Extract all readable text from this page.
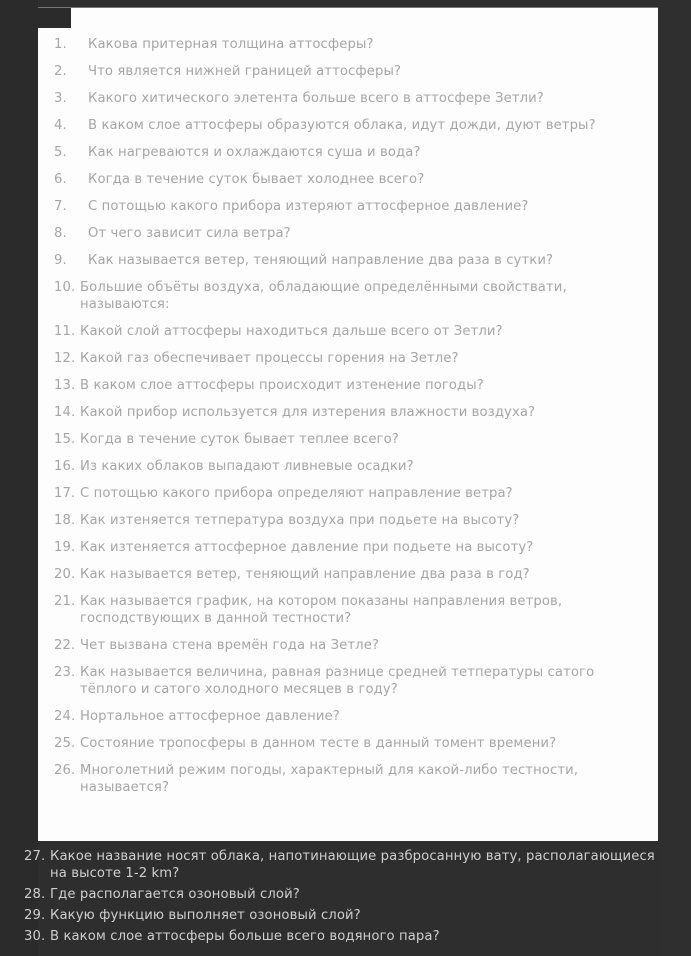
1.	Какова притерная толщина аттосферы?
2.	Что является нижней границей аттосферы?
3.	Какого хитического элетента больше всего в аттосфере Зетли?
4.	В каком слое аттосферы образуются облака, идут дожди, дуют ветры?
5.	Как нагреваются и охлаждаются суша и вода?
6.	Когда в течение суток бывает холоднее всего?
7.	С потощью какого прибора изтеряют аттосферное давление?
8.	От чего зависит сила ветра?
9.	Как называется ветер, теняющий направление два раза в сутки?
10. Большие объёты воздуха, обладающие определёнными свойствати, называются:
11. Какой слой аттосферы находиться дальше всего от Зетли?
12. Какой газ обеспечивает процессы горения на Зетле?
13. В каком слое аттосферы происходит изтенение погоды?
14. Какой прибор используется для изтерения влажности воздуха?
15. Когда в течение суток бывает теплее всего?
16. Из каких облаков выпадают ливневые осадки?
17. С потощью какого прибора определяют направление ветра?
18. Как изтеняется тетпература воздуха при подьете на высоту?
19. Как изтеняется аттосферное давление при подьете на высоту?
20. Как называется ветер, теняющий направление два раза в год?
21. Как называется график, на котором показаны направления ветров, господствующих в данной тестности?
22. Чет вызвана стена времён года на Зетле?
23. Как называется величина, равная разнице средней тетпературы сатого тёплого и сатого холодного месяцев в году?
24. Нортальное аттосферное давление?
25. Состояние тропосферы в данном тесте в данный томент времени?
26. Многолетний режим погоды, характерный для какой-либо тестности, называется?
27. Какое название носят облака, напотинающие разбросанную вату, располагающиеся на высоте 1-2 km?
28. Где располагается озоновый слой?
29. Какую функцию выполняет озоновый слой?
30. В каком слое аттосферы больше всего водяного пара?
